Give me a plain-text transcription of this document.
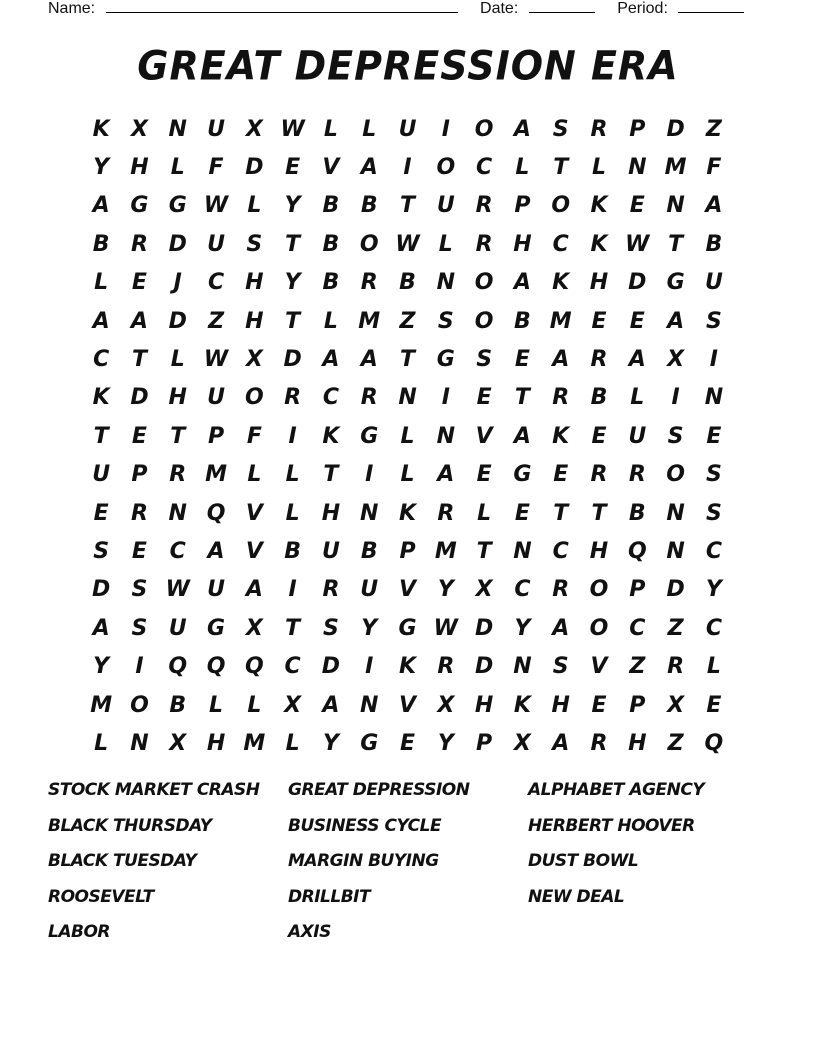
Name:	Date:	Period:
GREAT DEPRESSION ERA
K X N U X W L	L	U	I	O A S R P D Z
Y H	L	F D E	V A	I	O C	L	T	L	N M F
A G G W L	Y B B	T U R P O K	E N A
B R D U S	T	B O W L	R H C K W T	B
L	E	J	C H Y B R B N O A K H D G U
A A D Z H T	L M Z	S O B M E	E	A S
C	T	L W X D A A	T G S	E	A R A X	I
K D H U O R C R N	I	E	T	R B	L	I	N
T	E	T	P	F	I	K G	L	N V A K	E U S	E
U P R M L	L	T	I	L	A	E G E	R R O S
E	R N Q V	L	H N K R	L	E	T	T	B N S
S	E	C A V B U B P M T N C H Q N C
D S W U A	I	R U V Y X C R O P D Y
A S U G X	T	S	Y G W D Y A O C	Z	C
Y	I	Q Q Q C D	I	K R D N S V Z R	L
M O B	L	L	X A N V X H K H E	P X	E
L	N X H M L	Y G E	Y	P X A R H Z Q
STOCK MARKET CRASH	GREAT DEPRESSION	ALPHABET AGENCY
BLACK THURSDAY	BUSINESS CYCLE	HERBERT HOOVER
BLACK TUESDAY	MARGIN BUYING	DUST BOWL
ROOSEVELT	DRILLBIT	NEW DEAL
LABOR	AXIS
